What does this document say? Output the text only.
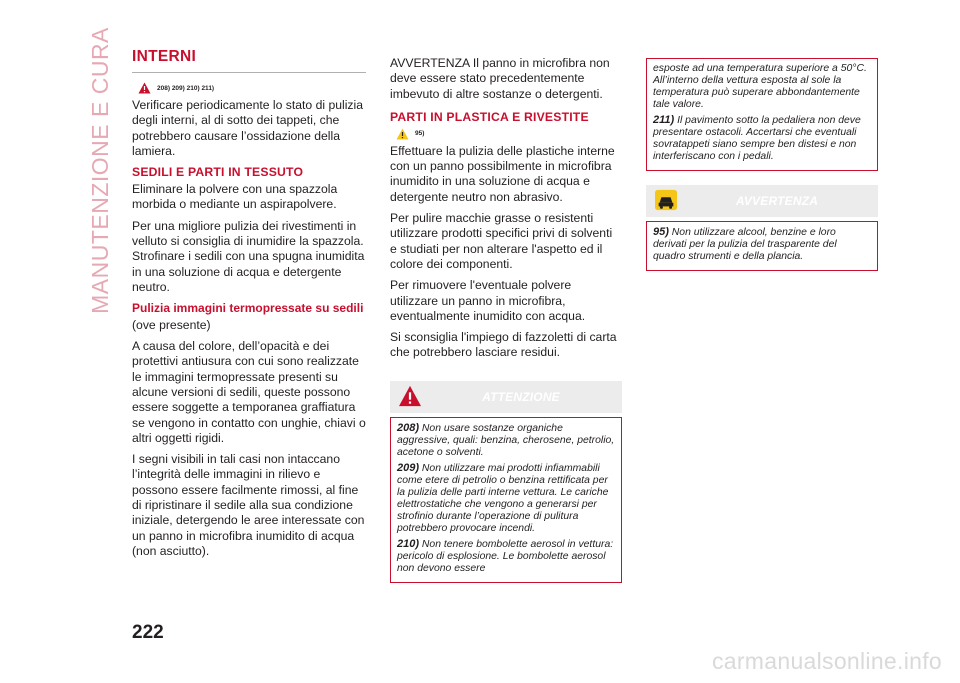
MANUTENZIONE E CURA INTERNI
208) 209) 210) 211)

Verificare periodicamente lo stato di pulizia degli interni, al di sotto dei tappeti, che potrebbero causare l’ossidazione della lamiera.

SEDILI E PARTI IN TESSUTO

Eliminare la polvere con una spazzola morbida o mediante un aspirapolvere.

Per una migliore pulizia dei rivestimenti in velluto si consiglia di inumidire la spazzola. Strofinare i sedili con una spugna inumidita in una soluzione di acqua e detergente neutro.

Pulizia immagini termopressate su sedili

(ove presente)

A causa del colore, dell’opacità e dei protettivi antiusura con cui sono realizzate le immagini termopressate presenti su alcune versioni di sedili, queste possono essere soggette a temporanea graffiatura se vengono in contatto con unghie, chiavi o altri oggetti rigidi.

I segni visibili in tali casi non intaccano l’integrità delle immagini in rilievo e possono essere facilmente rimossi, al fine di ripristinare il sedile alla sua condizione iniziale, detergendo le aree interessate con un panno in microfibra inumidito di acqua (non asciutto).

AVVERTENZA Il panno in microfibra non deve essere stato precedentemente imbevuto di altre sostanze o detergenti.

PARTI IN PLASTICA E RIVESTITE
95)

Effettuare la pulizia delle plastiche interne con un panno possibilmente in microfibra inumidito in una soluzione di acqua e detergente neutro non abrasivo.

Per pulire macchie grasse o resistenti utilizzare prodotti specifici privi di solventi e studiati per non alterare l'aspetto ed il colore dei componenti.

Per rimuovere l'eventuale polvere utilizzare un panno in microfibra, eventualmente inumidito con acqua.

Si sconsiglia l'impiego di fazzoletti di carta che potrebbero lasciare residui.

ATTENZIONE

208) Non usare sostanze organiche aggressive, quali: benzina, cherosene, petrolio, acetone o solventi.

209) Non utilizzare mai prodotti infiammabili come etere di petrolio o benzina rettificata per la pulizia delle parti interne vettura. Le cariche elettrostatiche che vengono a generarsi per strofinio durante l’operazione di pulitura potrebbero provocare incendi.

210) Non tenere bombolette aerosol in vettura: pericolo di esplosione. Le bombolette aerosol non devono essere

esposte ad una temperatura superiore a 50°C. All’interno della vettura esposta al sole la temperatura può superare abbondantemente tale valore.

211) Il pavimento sotto la pedaliera non deve presentare ostacoli. Accertarsi che eventuali sovratappeti siano sempre ben distesi e non interferiscano con i pedali.

AVVERTENZA

95) Non utilizzare alcool, benzine e loro derivati per la pulizia del trasparente del quadro strumenti e della plancia.

222
carmanualsonline.info
